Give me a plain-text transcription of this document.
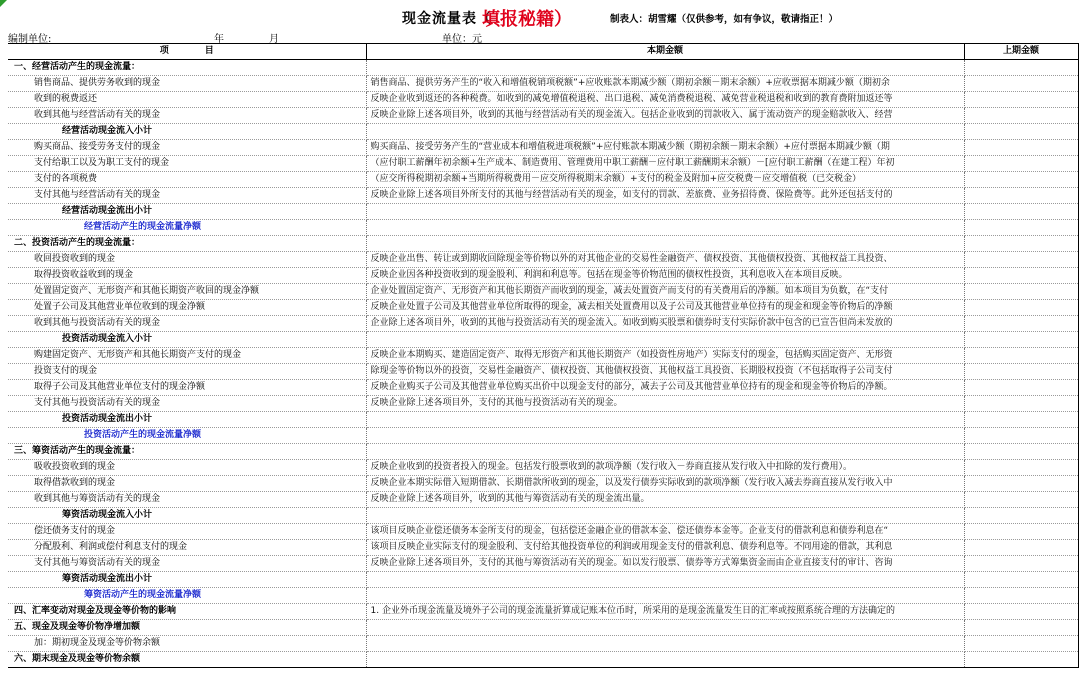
现金流量表（
填报秘籍）	制表人：胡雪耀（仅供参考，如有争议，敬请指正！）
编制单位:	年	月	单位：元
项　　　　目	本期金额	上期金额
一、经营活动产生的现金流量：		
销售商品、提供劳务收到的现金	销售商品、提供劳务产生的“收入和增值税销项税额”+应收账款本期减少额（期初余额－期末余额）+应收票据本期减少额（期初余	
收到的税费返还	反映企业收到返还的各种税费。如收到的减免增值税退税、出口退税、减免消费税退税、减免营业税退税和收到的教育费附加返还等	
收到其他与经营活动有关的现金	反映企业除上述各项目外，收到的其他与经营活动有关的现金流入。包括企业收到的罚款收入、属于流动资产的现金赔款收入、经营	
经营活动现金流入小计		
购买商品、接受劳务支付的现金	购买商品、接受劳务产生的“营业成本和增值税进项税额”+应付账款本期减少额（期初余额－期末余额）+应付票据本期减少额（期	
支付给职工以及为职工支付的现金	（应付职工薪酬年初余额+生产成本、制造费用、管理费用中职工薪酬－应付职工薪酬期末余额）－[应付职工薪酬（在建工程）年初	
支付的各项税费	（应交所得税期初余额+当期所得税费用－应交所得税期末余额）+支付的税金及附加+应交税费－应交增值税（已交税金）	
支付其他与经营活动有关的现金	反映企业除上述各项目外所支付的其他与经营活动有关的现金，如支付的罚款、差旅费、业务招待费、保险费等。此外还包括支付的	
经营活动现金流出小计		
经营活动产生的现金流量净额		
二、投资活动产生的现金流量：		
收回投资收到的现金	反映企业出售、转让或到期收回除现金等价物以外的对其他企业的交易性金融资产、债权投资、其他债权投资、其他权益工具投资、	
取得投资收益收到的现金	反映企业因各种投资收到的现金股利、利润和利息等。包括在现金等价物范围的债权性投资，其利息收入在本项目反映。	
处置固定资产、无形资产和其他长期资产收回的现金净额	企业处置固定资产、无形资产和其他长期资产而收到的现金，减去处置资产而支付的有关费用后的净额。如本项目为负数，在“支付	
处置子公司及其他营业单位收到的现金净额	反映企业处置子公司及其他营业单位所取得的现金，减去相关处置费用以及子公司及其他营业单位持有的现金和现金等价物后的净额	
收到其他与投资活动有关的现金	企业除上述各项目外，收到的其他与投资活动有关的现金流入。如收到购买股票和债券时支付实际价款中包含的已宣告但尚未发放的	
投资活动现金流入小计		
购建固定资产、无形资产和其他长期资产支付的现金	反映企业本期购买、建造固定资产、取得无形资产和其他长期资产（如投资性房地产）实际支付的现金，包括购买固定资产、无形资	
投资支付的现金	除现金等价物以外的投资，交易性金融资产、债权投资、其他债权投资、其他权益工具投资、长期股权投资（不包括取得子公司支付	
取得子公司及其他营业单位支付的现金净额	反映企业购买子公司及其他营业单位购买出价中以现金支付的部分，减去子公司及其他营业单位持有的现金和现金等价物后的净额。	
支付其他与投资活动有关的现金	反映企业除上述各项目外，支付的其他与投资活动有关的现金。	
投资活动现金流出小计		
投资活动产生的现金流量净额		
三、筹资活动产生的现金流量：		
吸收投资收到的现金	反映企业收到的投资者投入的现金。包括发行股票收到的款项净额（发行收入－券商直接从发行收入中扣除的发行费用）。	
取得借款收到的现金	反映企业本期实际借入短期借款、长期借款所收到的现金，以及发行债券实际收到的款项净额（发行收入减去券商直接从发行收入中	
收到其他与筹资活动有关的现金	反映企业除上述各项目外，收到的其他与筹资活动有关的现金流出量。	
筹资活动现金流入小计		
偿还债务支付的现金	该项目反映企业偿还债务本金所支付的现金，包括偿还金融企业的借款本金、偿还债券本金等。企业支付的借款利息和债券利息在“	
分配股利、利润或偿付利息支付的现金	该项目反映企业实际支付的现金股利、支付给其他投资单位的利润或用现金支付的借款利息、债券利息等。不同用途的借款，其利息	
支付其他与筹资活动有关的现金	反映企业除上述各项目外，支付的其他与筹资活动有关的现金。如以发行股票、债券等方式筹集资金而由企业直接支付的审计、咨询	
筹资活动现金流出小计		
筹资活动产生的现金流量净额		
四、汇率变动对现金及现金等价物的影响	1. 企业外币现金流量及境外子公司的现金流量折算成记账本位币时，所采用的是现金流量发生日的汇率或按照系统合理的方法确定的	
五、现金及现金等价物净增加额		
加：期初现金及现金等价物余额		
六、期末现金及现金等价物余额		
